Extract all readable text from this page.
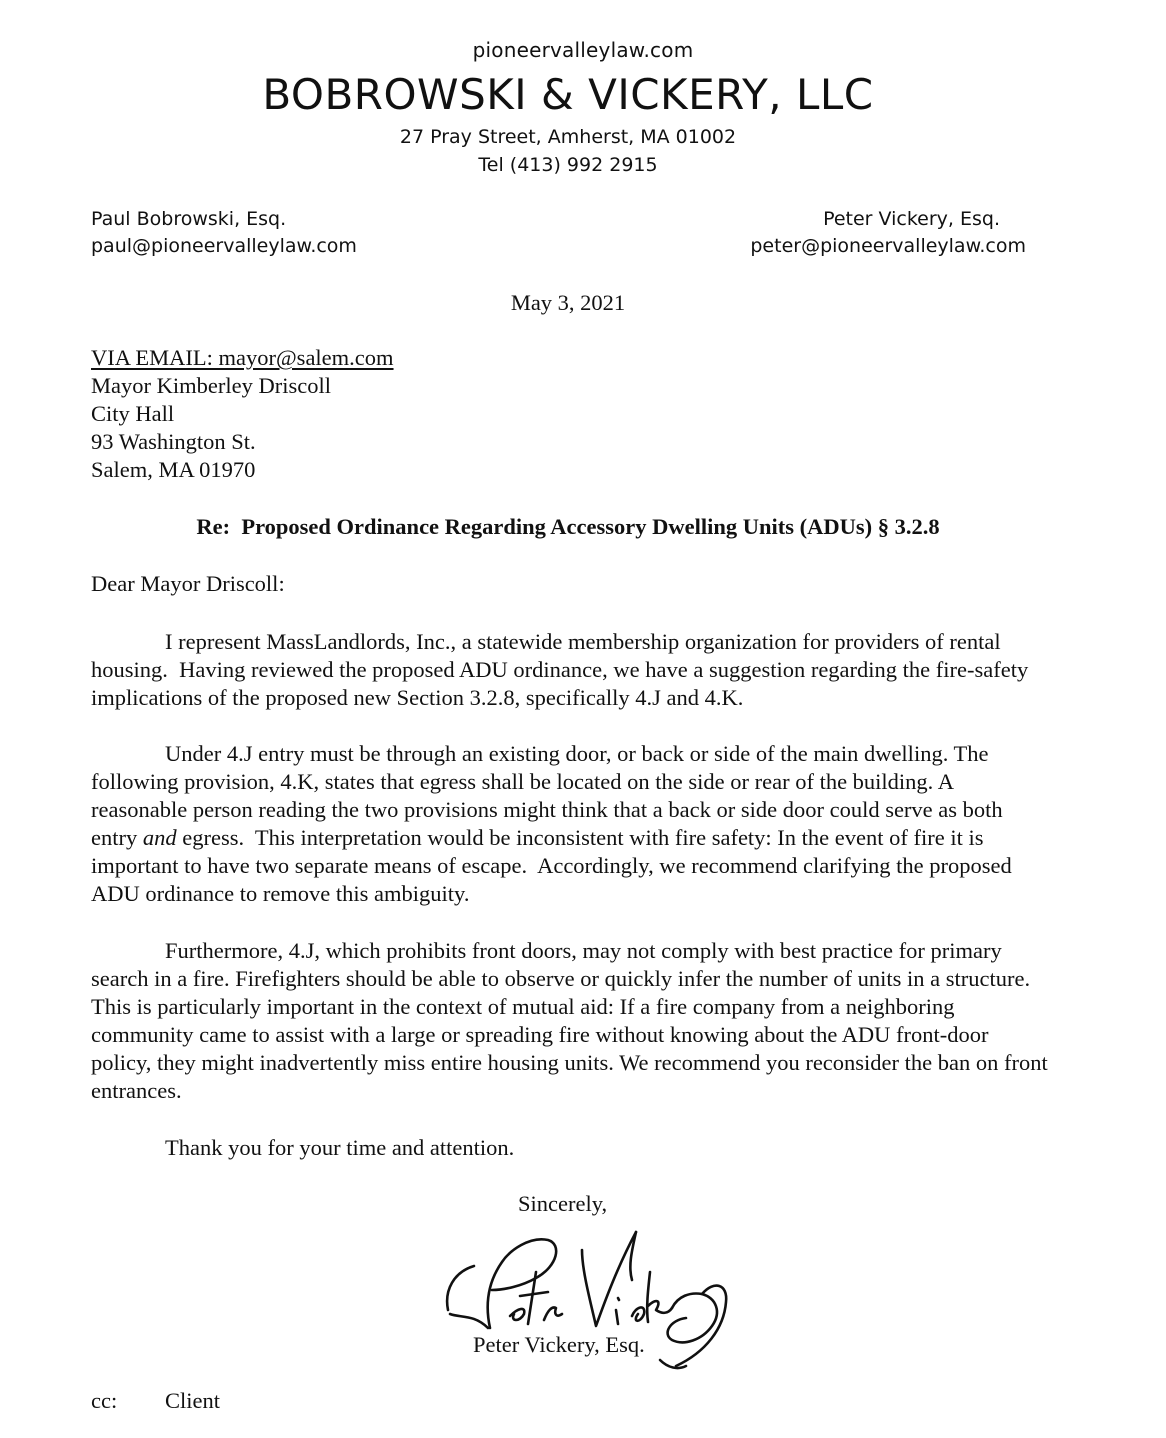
pioneervalleylaw.com
BOBROWSKI & VICKERY, LLC
27 Pray Street, Amherst, MA 01002
Tel (413) 992 2915
Paul Bobrowski, Esq.
paul@pioneervalleylaw.com
Peter Vickery, Esq.
peter@pioneervalleylaw.com
May 3, 2021
VIA EMAIL: mayor@salem.com
Mayor Kimberley Driscoll
City Hall
93 Washington St.
Salem, MA 01970
Re:  Proposed Ordinance Regarding Accessory Dwelling Units (ADUs) § 3.2.8
Dear Mayor Driscoll:
I represent MassLandlords, Inc., a statewide membership organization for providers of rental housing.  Having reviewed the proposed ADU ordinance, we have a suggestion regarding the fire-safety implications of the proposed new Section 3.2.8, specifically 4.J and 4.K.
Under 4.J entry must be through an existing door, or back or side of the main dwelling. The following provision, 4.K, states that egress shall be located on the side or rear of the building. A reasonable person reading the two provisions might think that a back or side door could serve as both entry and egress.  This interpretation would be inconsistent with fire safety: In the event of fire it is important to have two separate means of escape.  Accordingly, we recommend clarifying the proposed ADU ordinance to remove this ambiguity.
Furthermore, 4.J, which prohibits front doors, may not comply with best practice for primary search in a fire. Firefighters should be able to observe or quickly infer the number of units in a structure. This is particularly important in the context of mutual aid: If a fire company from a neighboring community came to assist with a large or spreading fire without knowing about the ADU front-door policy, they might inadvertently miss entire housing units. We recommend you reconsider the ban on front entrances.
Thank you for your time and attention.
Sincerely,
Peter Vickery, Esq.
cc: Client
